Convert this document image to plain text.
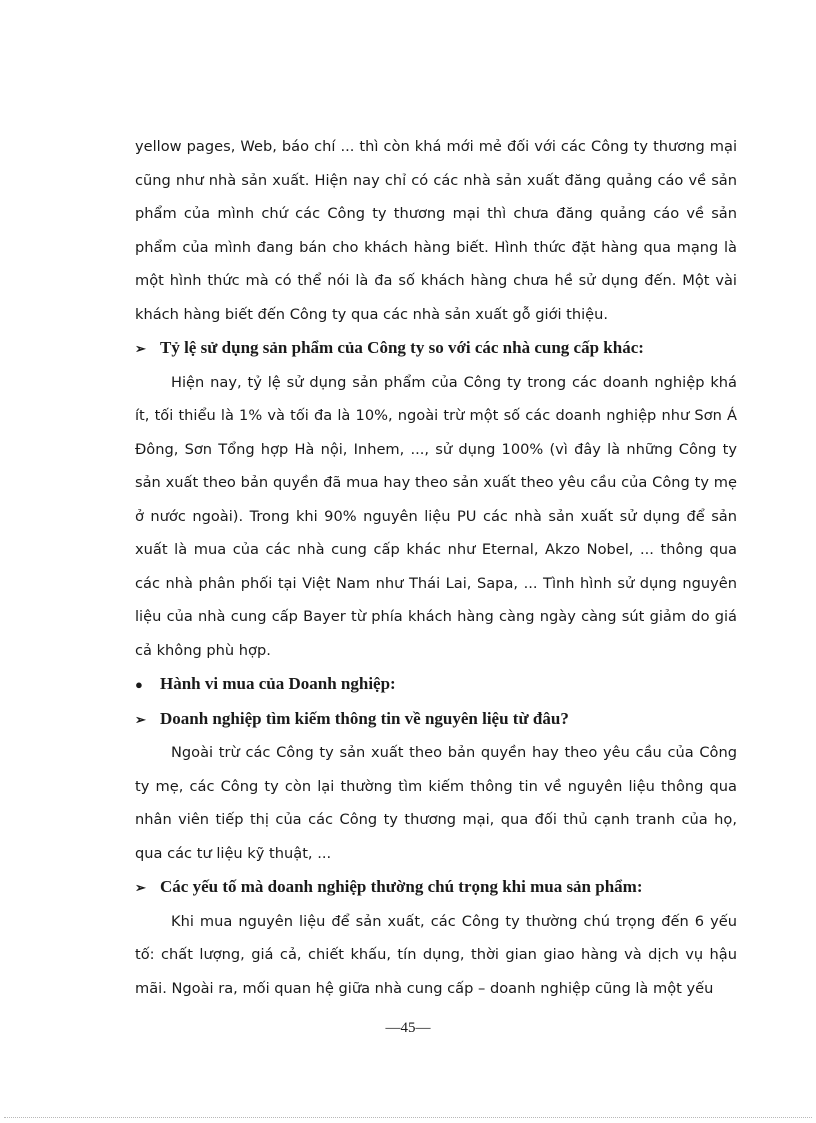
yellow pages, Web, báo chí ... thì còn khá mới mẻ đối với các Công ty thương mại cũng như nhà sản xuất. Hiện nay chỉ có các nhà sản xuất đăng quảng cáo về sản phẩm của mình chứ các Công ty thương mại thì chưa đăng quảng cáo về sản phẩm của mình đang bán cho khách hàng biết. Hình thức đặt hàng qua mạng là một hình thức mà có thể nói là đa số khách hàng chưa hề sử dụng đến. Một vài khách hàng biết đến Công ty qua các nhà sản xuất gỗ giới thiệu.

➢ Tỷ lệ sử dụng sản phẩm của Công ty so với các nhà cung cấp khác:

Hiện nay, tỷ lệ sử dụng sản phẩm của Công ty trong các doanh nghiệp khá ít, tối thiểu là 1% và tối đa là 10%, ngoài trừ một số các doanh nghiệp như Sơn Á Đông, Sơn Tổng hợp Hà nội, Inhem, ..., sử dụng 100% (vì đây là những Công ty sản xuất theo bản quyền đã mua hay theo sản xuất theo yêu cầu của Công ty mẹ ở nước ngoài). Trong khi 90% nguyên liệu PU các nhà sản xuất sử dụng để sản xuất là mua của các nhà cung cấp khác như Eternal, Akzo Nobel, ... thông qua các nhà phân phối tại Việt Nam như Thái Lai, Sapa, ... Tình hình sử dụng nguyên liệu của nhà cung cấp Bayer từ phía khách hàng càng ngày càng sút giảm do giá cả không phù hợp.

●	Hành vi mua của Doanh nghiệp:
➢ Doanh nghiệp tìm kiếm thông tin về nguyên liệu từ đâu?

Ngoài trừ các Công ty sản xuất theo bản quyền hay theo yêu cầu của Công ty mẹ, các Công ty còn lại thường tìm kiếm thông tin về nguyên liệu thông qua nhân viên tiếp thị của các Công ty thương mại, qua đối thủ cạnh tranh của họ, qua các tư liệu kỹ thuật, ...

➢ Các yếu tố mà doanh nghiệp thường chú trọng khi mua sản phẩm:

Khi mua nguyên liệu để sản xuất, các Công ty thường chú trọng đến 6 yếu tố: chất lượng, giá cả, chiết khấu, tín dụng, thời gian giao hàng và dịch vụ hậu mãi. Ngoài ra, mối quan hệ giữa nhà cung cấp – doanh nghiệp cũng là một yếu

—45—
